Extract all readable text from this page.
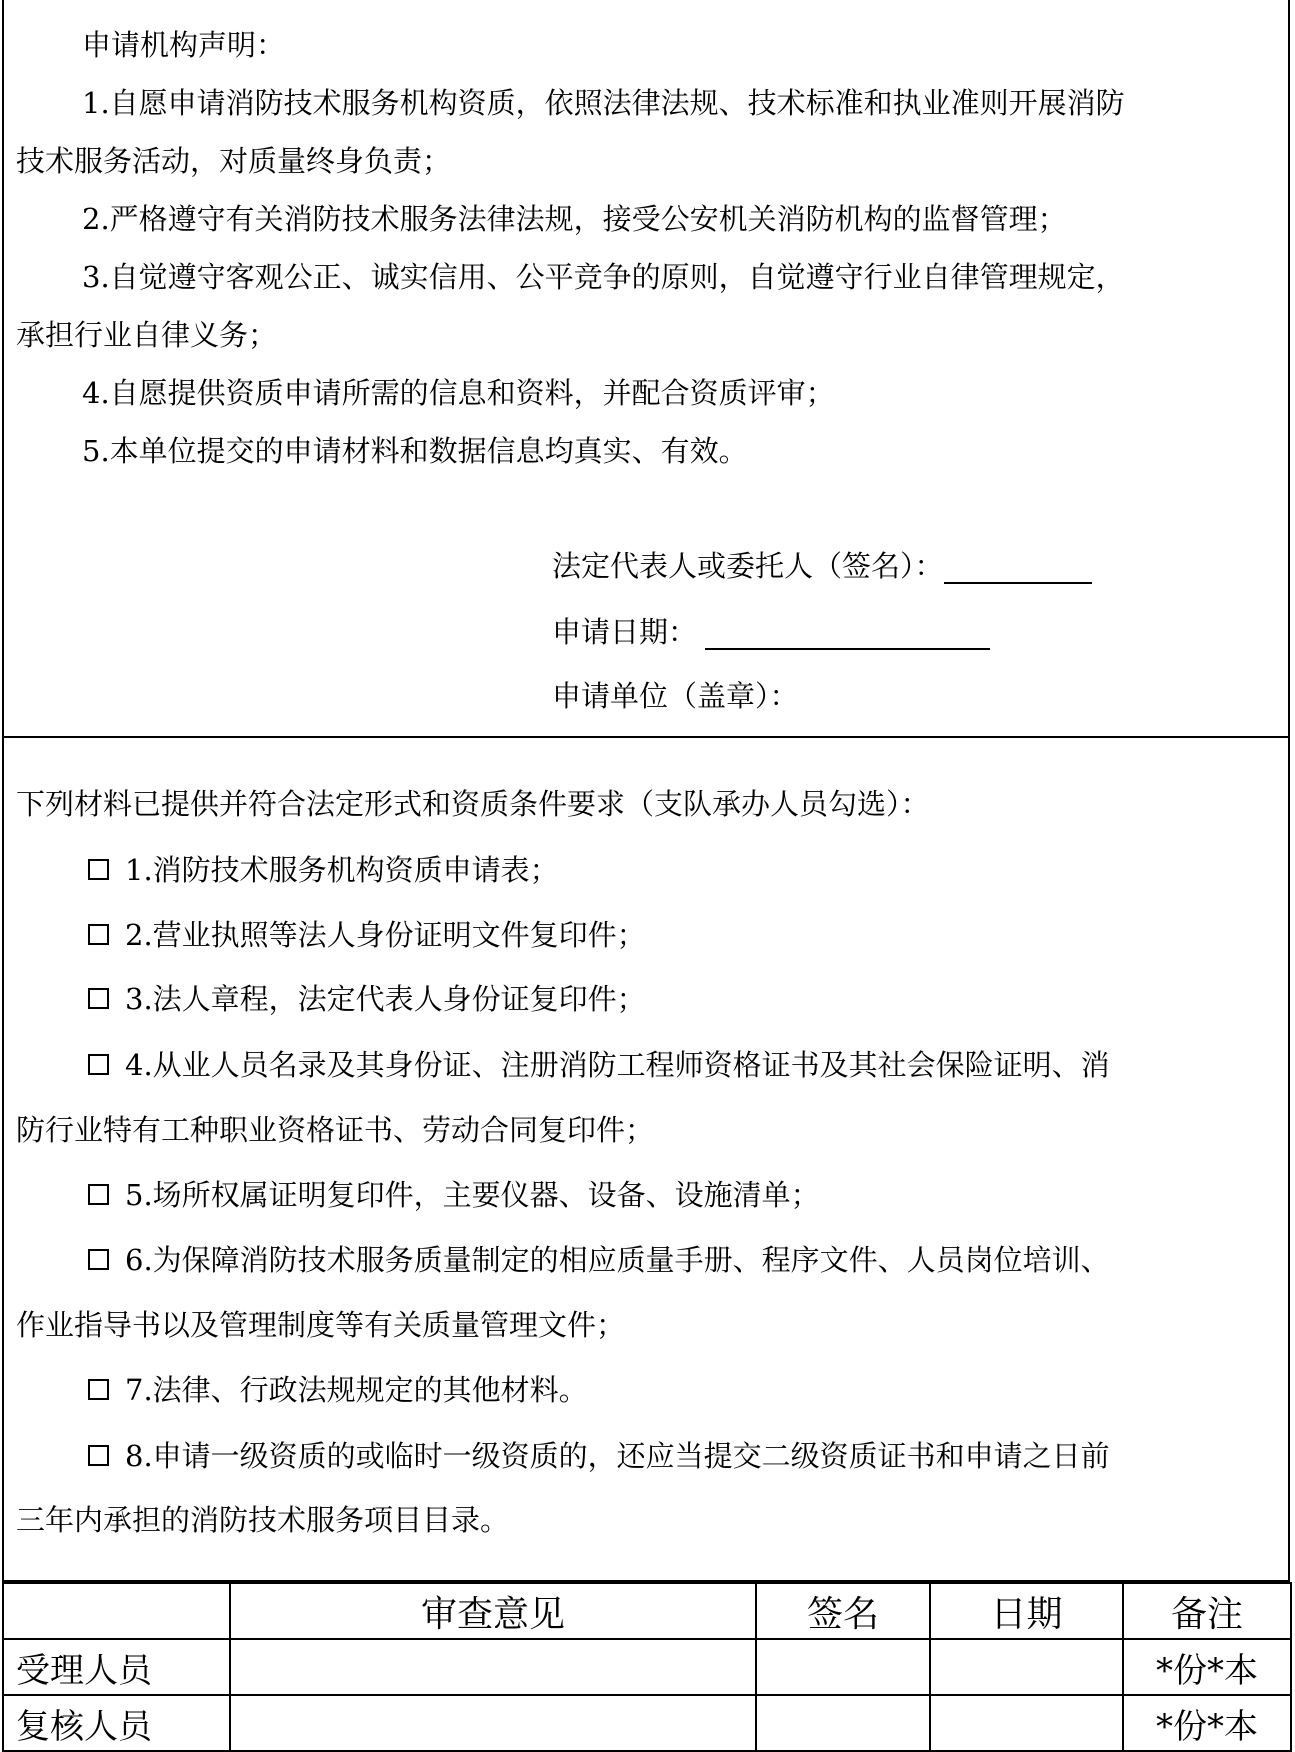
申请机构声明：
1.自愿申请消防技术服务机构资质，依照法律法规、技术标准和执业准则开展消防
技术服务活动，对质量终身负责；
2.严格遵守有关消防技术服务法律法规，接受公安机关消防机构的监督管理；
3.自觉遵守客观公正、诚实信用、公平竞争的原则，自觉遵守行业自律管理规定，
承担行业自律义务；
4.自愿提供资质申请所需的信息和资料，并配合资质评审；
5.本单位提交的申请材料和数据信息均真实、有效。
法定代表人或委托人（签名）：
申请日期：
申请单位（盖章）：
下列材料已提供并符合法定形式和资质条件要求（支队承办人员勾选）：
1.消防技术服务机构资质申请表；
2.营业执照等法人身份证明文件复印件；
3.法人章程，法定代表人身份证复印件；
4.从业人员名录及其身份证、注册消防工程师资格证书及其社会保险证明、消
防行业特有工种职业资格证书、劳动合同复印件；
5.场所权属证明复印件，主要仪器、设备、设施清单；
6.为保障消防技术服务质量制定的相应质量手册、程序文件、人员岗位培训、
作业指导书以及管理制度等有关质量管理文件；
7.法律、行政法规规定的其他材料。
8.申请一级资质的或临时一级资质的，还应当提交二级资质证书和申请之日前
三年内承担的消防技术服务项目目录。
	审查意见	签名	日期	备注
受理人员				*份*本
复核人员				*份*本
